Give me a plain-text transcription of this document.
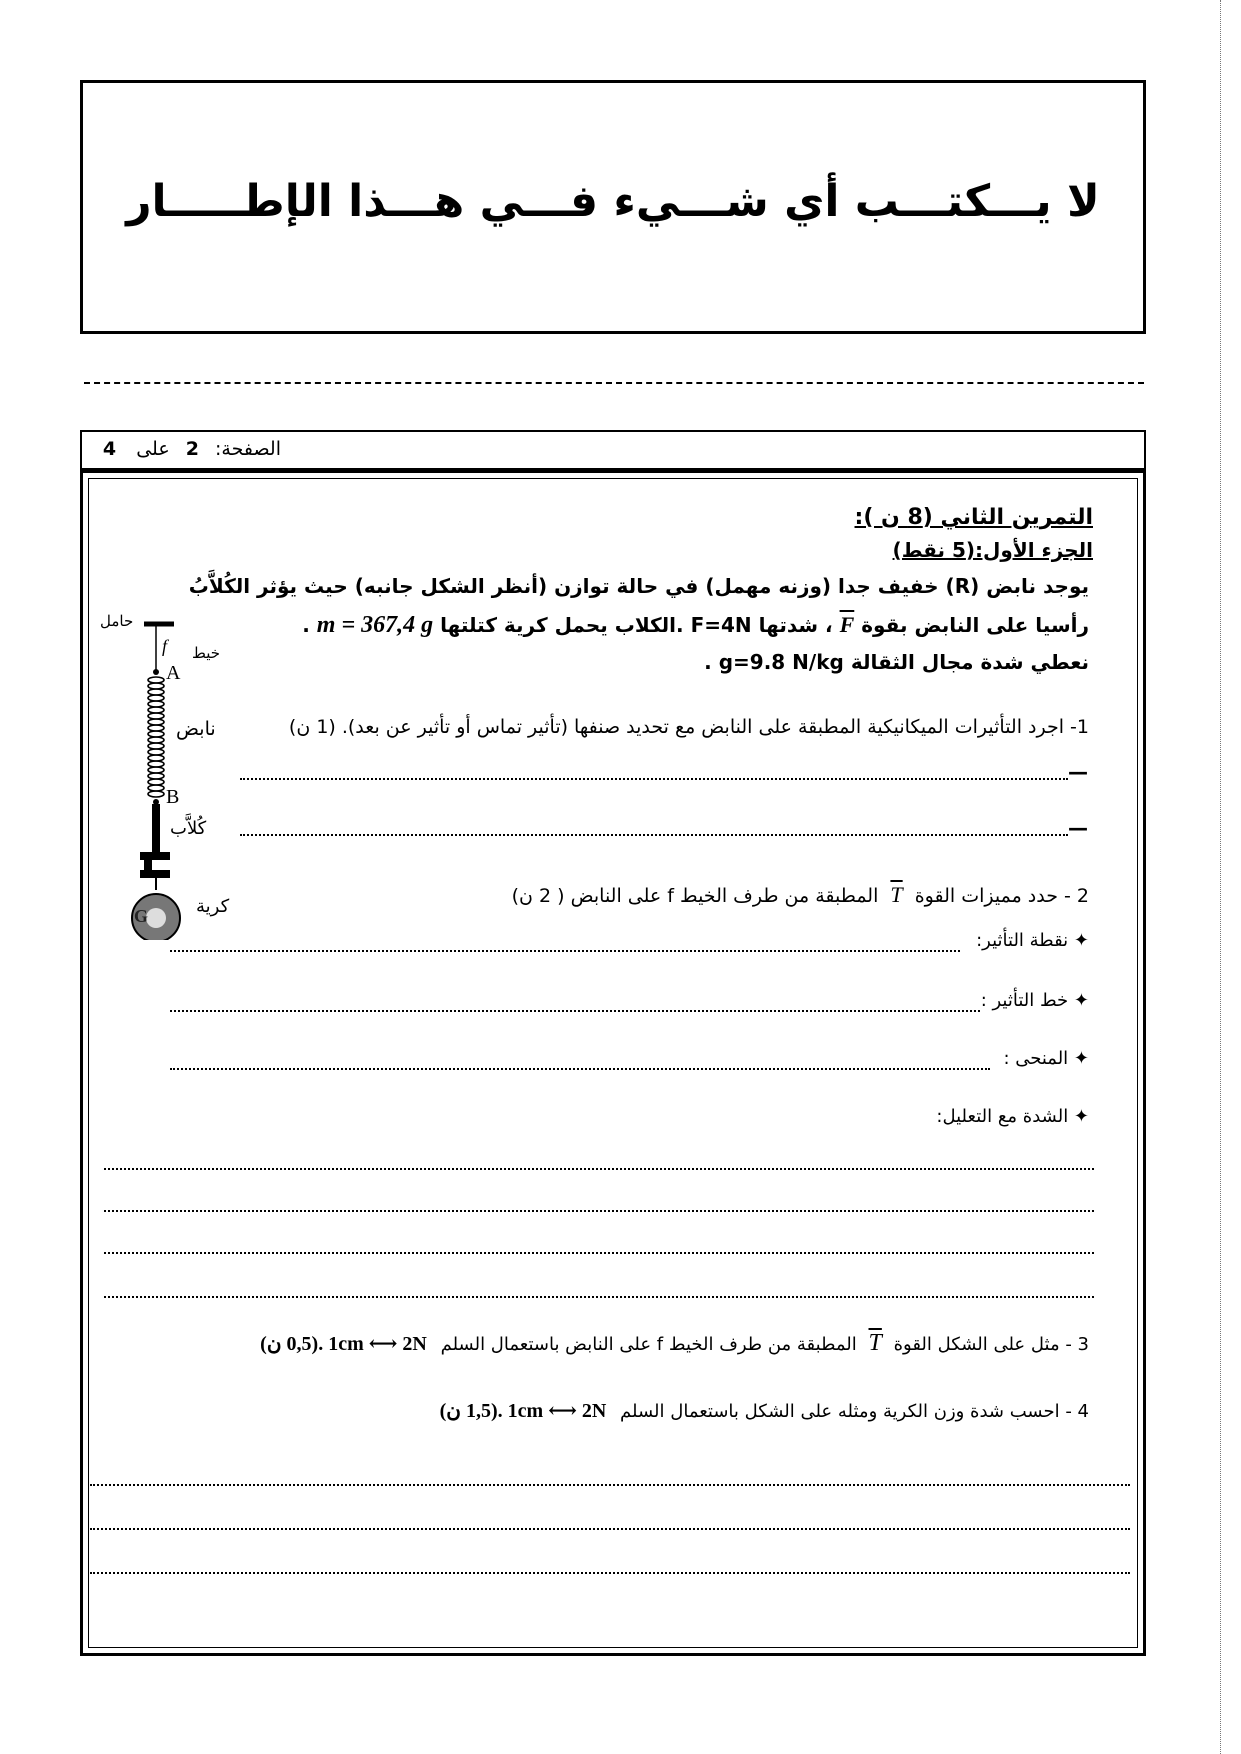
لا يـــكتـــب أي شـــيء فـــي هـــذا الإطـــــار
الصفحة: 2 على 4
التمرين الثاني (8 ن ):
الجزء الأول:(5 نقط)
يوجد نابض (R) خفيف جدا (وزنه مهمل) في حالة توازن (أنظر الشكل جانبه) حيث يؤثر الكُلاَّبُ
رأسيا على النابض بقوة F ، شدتها F=4N .الكلاب يحمل كرية كتلتها m = 367,4 g .
نعطي شدة مجال الثقالة g=9.8 N/kg .
1- اجرد التأثيرات الميكانيكية المطبقة على النابض مع تحديد صنفها (تأثير تماس أو تأثير عن بعد). (1 ن)
—
—
2 - حدد مميزات القوة T المطبقة من طرف الخيط f على النابض ( 2 ن)
✦ نقطة التأثير:
✦ خط التأثير :
✦ المنحى :
✦ الشدة مع التعليل:
3 - مثل على الشكل القوة T المطبقة من طرف الخيط f على النابض باستعمال السلم 1cm ⟷ 2N .(0,5 ن)
4 - احسب شدة وزن الكرية ومثله على الشكل باستعمال السلم 1cm ⟷ 2N .(1,5 ن)
حامل
f خيط
A
نابض
B
كُلاَّب
كرية
G
